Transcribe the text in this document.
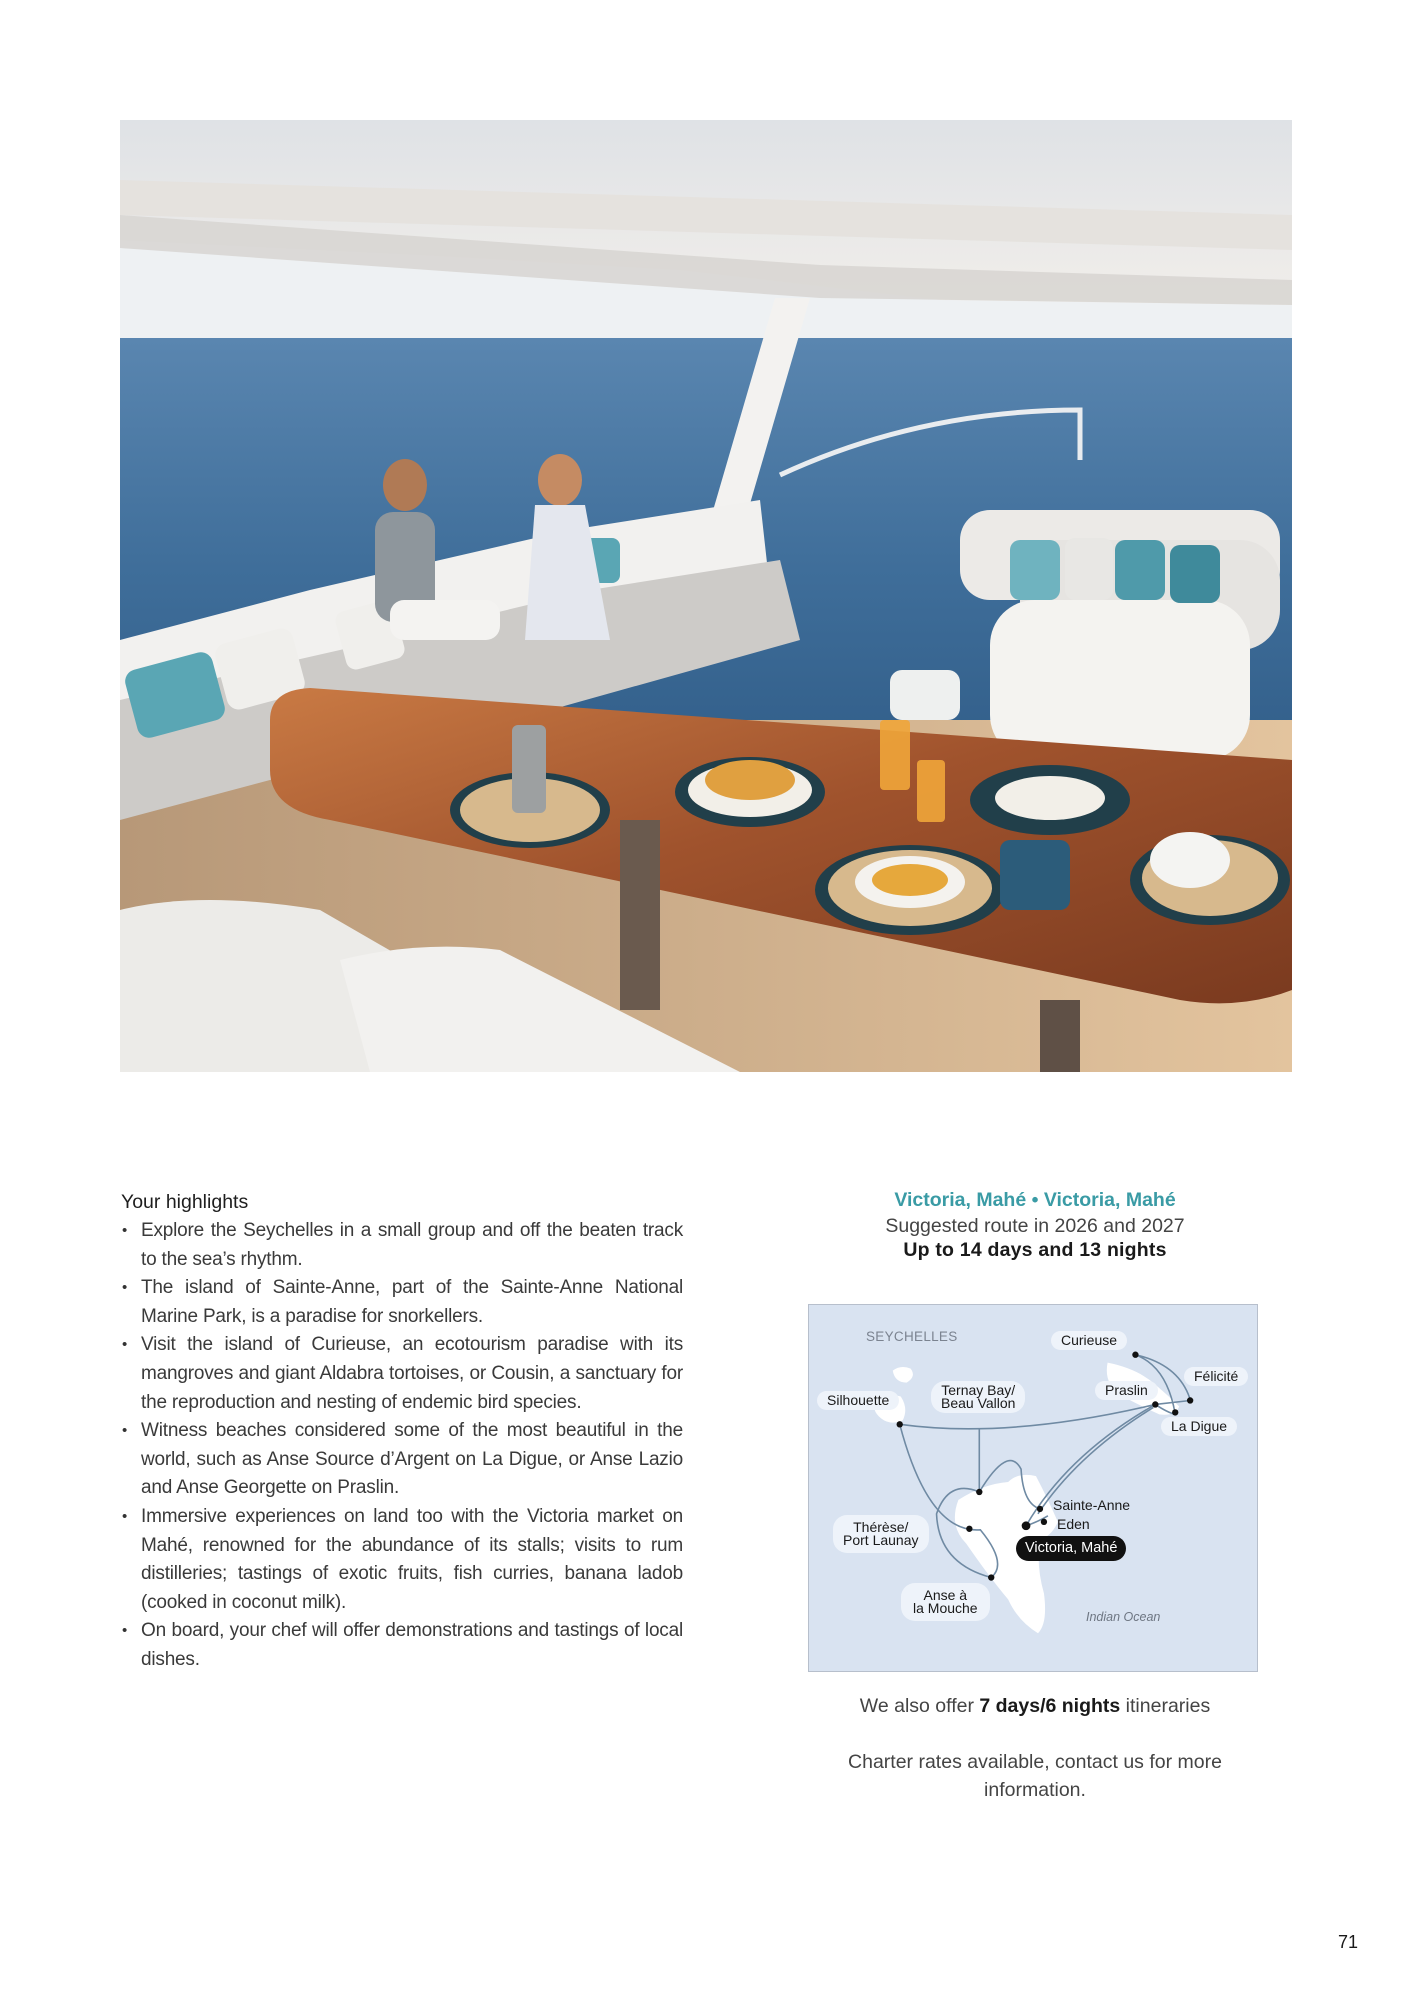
Your highlights
• Explore the Seychelles in a small group and off the beaten track to the sea’s rhythm.
• The island of Sainte-Anne, part of the Sainte-Anne National Marine Park, is a paradise for snorkellers.
• Visit the island of Curieuse, an ecotourism paradise with its mangroves and giant Aldabra tortoises, or Cousin, a sanctuary for the reproduction and nesting of endemic bird species.
• Witness beaches considered some of the most beautiful in the world, such as Anse Source d’Argent on La Digue, or Anse Lazio and Anse Georgette on Praslin.
• Immersive experiences on land too with the Victoria market on Mahé, renowned for the abundance of its stalls; visits to rum distilleries; tastings of exotic fruits, fish curries, banana ladob (cooked in coconut milk).
• On board, your chef will offer demonstrations and tastings of local dishes.
Victoria, Mahé • Victoria, Mahé
Suggested route in 2026 and 2027
Up to 14 days and 13 nights
SEYCHELLES
Indian Ocean
Curieuse
Félicité
Praslin
La Digue
Silhouette
Ternay Bay/
Beau Vallon
Sainte-Anne
Eden
Victoria, Mahé
Thérèse/
Port Launay
Anse à
la Mouche
We also offer 7 days/6 nights itineraries
Charter rates available, contact us for more information.
71
